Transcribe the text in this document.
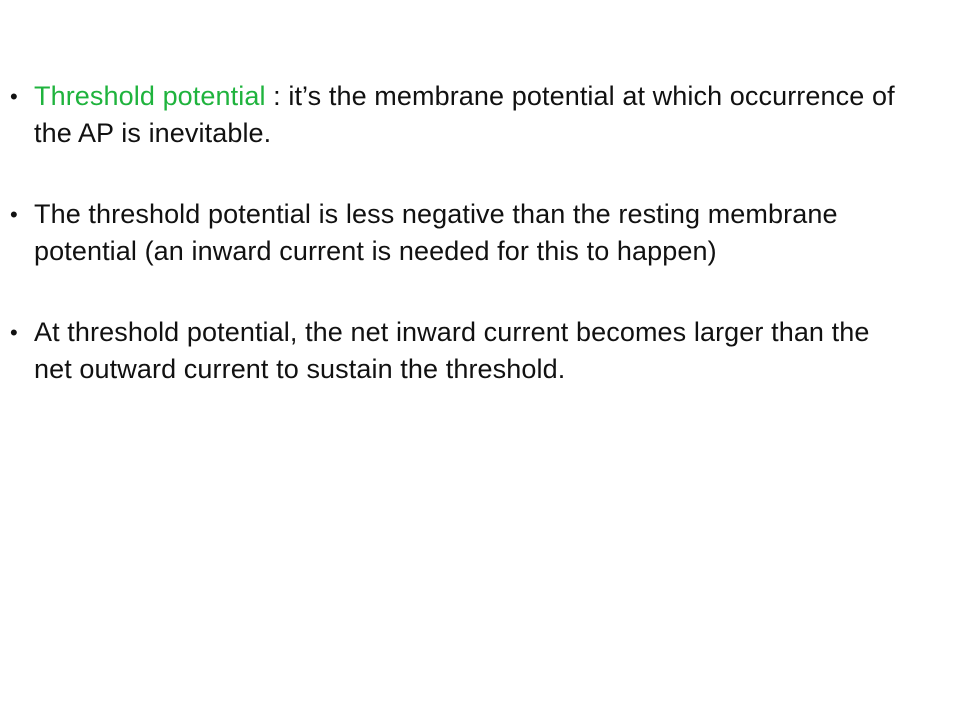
• Threshold potential : it’s the membrane potential at which occurrence of the AP is inevitable.
• The threshold potential is less negative than the resting membrane potential (an inward current is needed for this to happen)
• At threshold potential, the net inward current becomes larger than the net outward current to sustain the threshold.
